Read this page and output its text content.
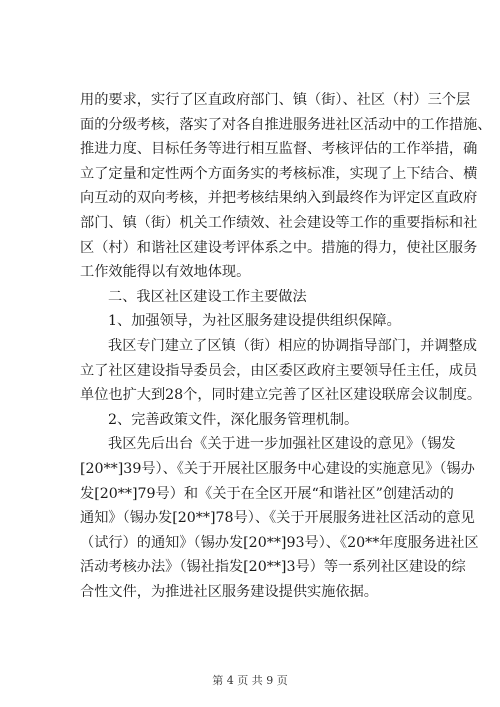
用的要求，实行了区直政府部门、镇（街）、社区（村）三个层
面的分级考核，落实了对各自推进服务进社区活动中的工作措施、
推进力度、目标任务等进行相互监督、考核评估的工作举措，确
立了定量和定性两个方面务实的考核标准，实现了上下结合、横
向互动的双向考核，并把考核结果纳入到最终作为评定区直政府
部门、镇（街）机关工作绩效、社会建设等工作的重要指标和社
区（村）和谐社区建设考评体系之中。措施的得力，使社区服务
工作效能得以有效地体现。
二、我区社区建设工作主要做法
1、加强领导，为社区服务建设提供组织保障。
我区专门建立了区镇（街）相应的协调指导部门，并调整成
立了社区建设指导委员会，由区委区政府主要领导任主任，成员
单位也扩大到28个，同时建立完善了区社区建设联席会议制度。
2、完善政策文件，深化服务管理机制。
我区先后出台《关于进一步加强社区建设的意见》（锡发
[20**]39号）、《关于开展社区服务中心建设的实施意见》（锡办
发[20**]79号）和《关于在全区开展“和谐社区”创建活动的
通知》（锡办发[20**]78号）、《关于开展服务进社区活动的意见
（试行）的通知》（锡办发[20**]93号）、《20**年度服务进社区
活动考核办法》（锡社指发[20**]3号）等一系列社区建设的综
合性文件，为推进社区服务建设提供实施依据。
第 4 页 共 9 页
